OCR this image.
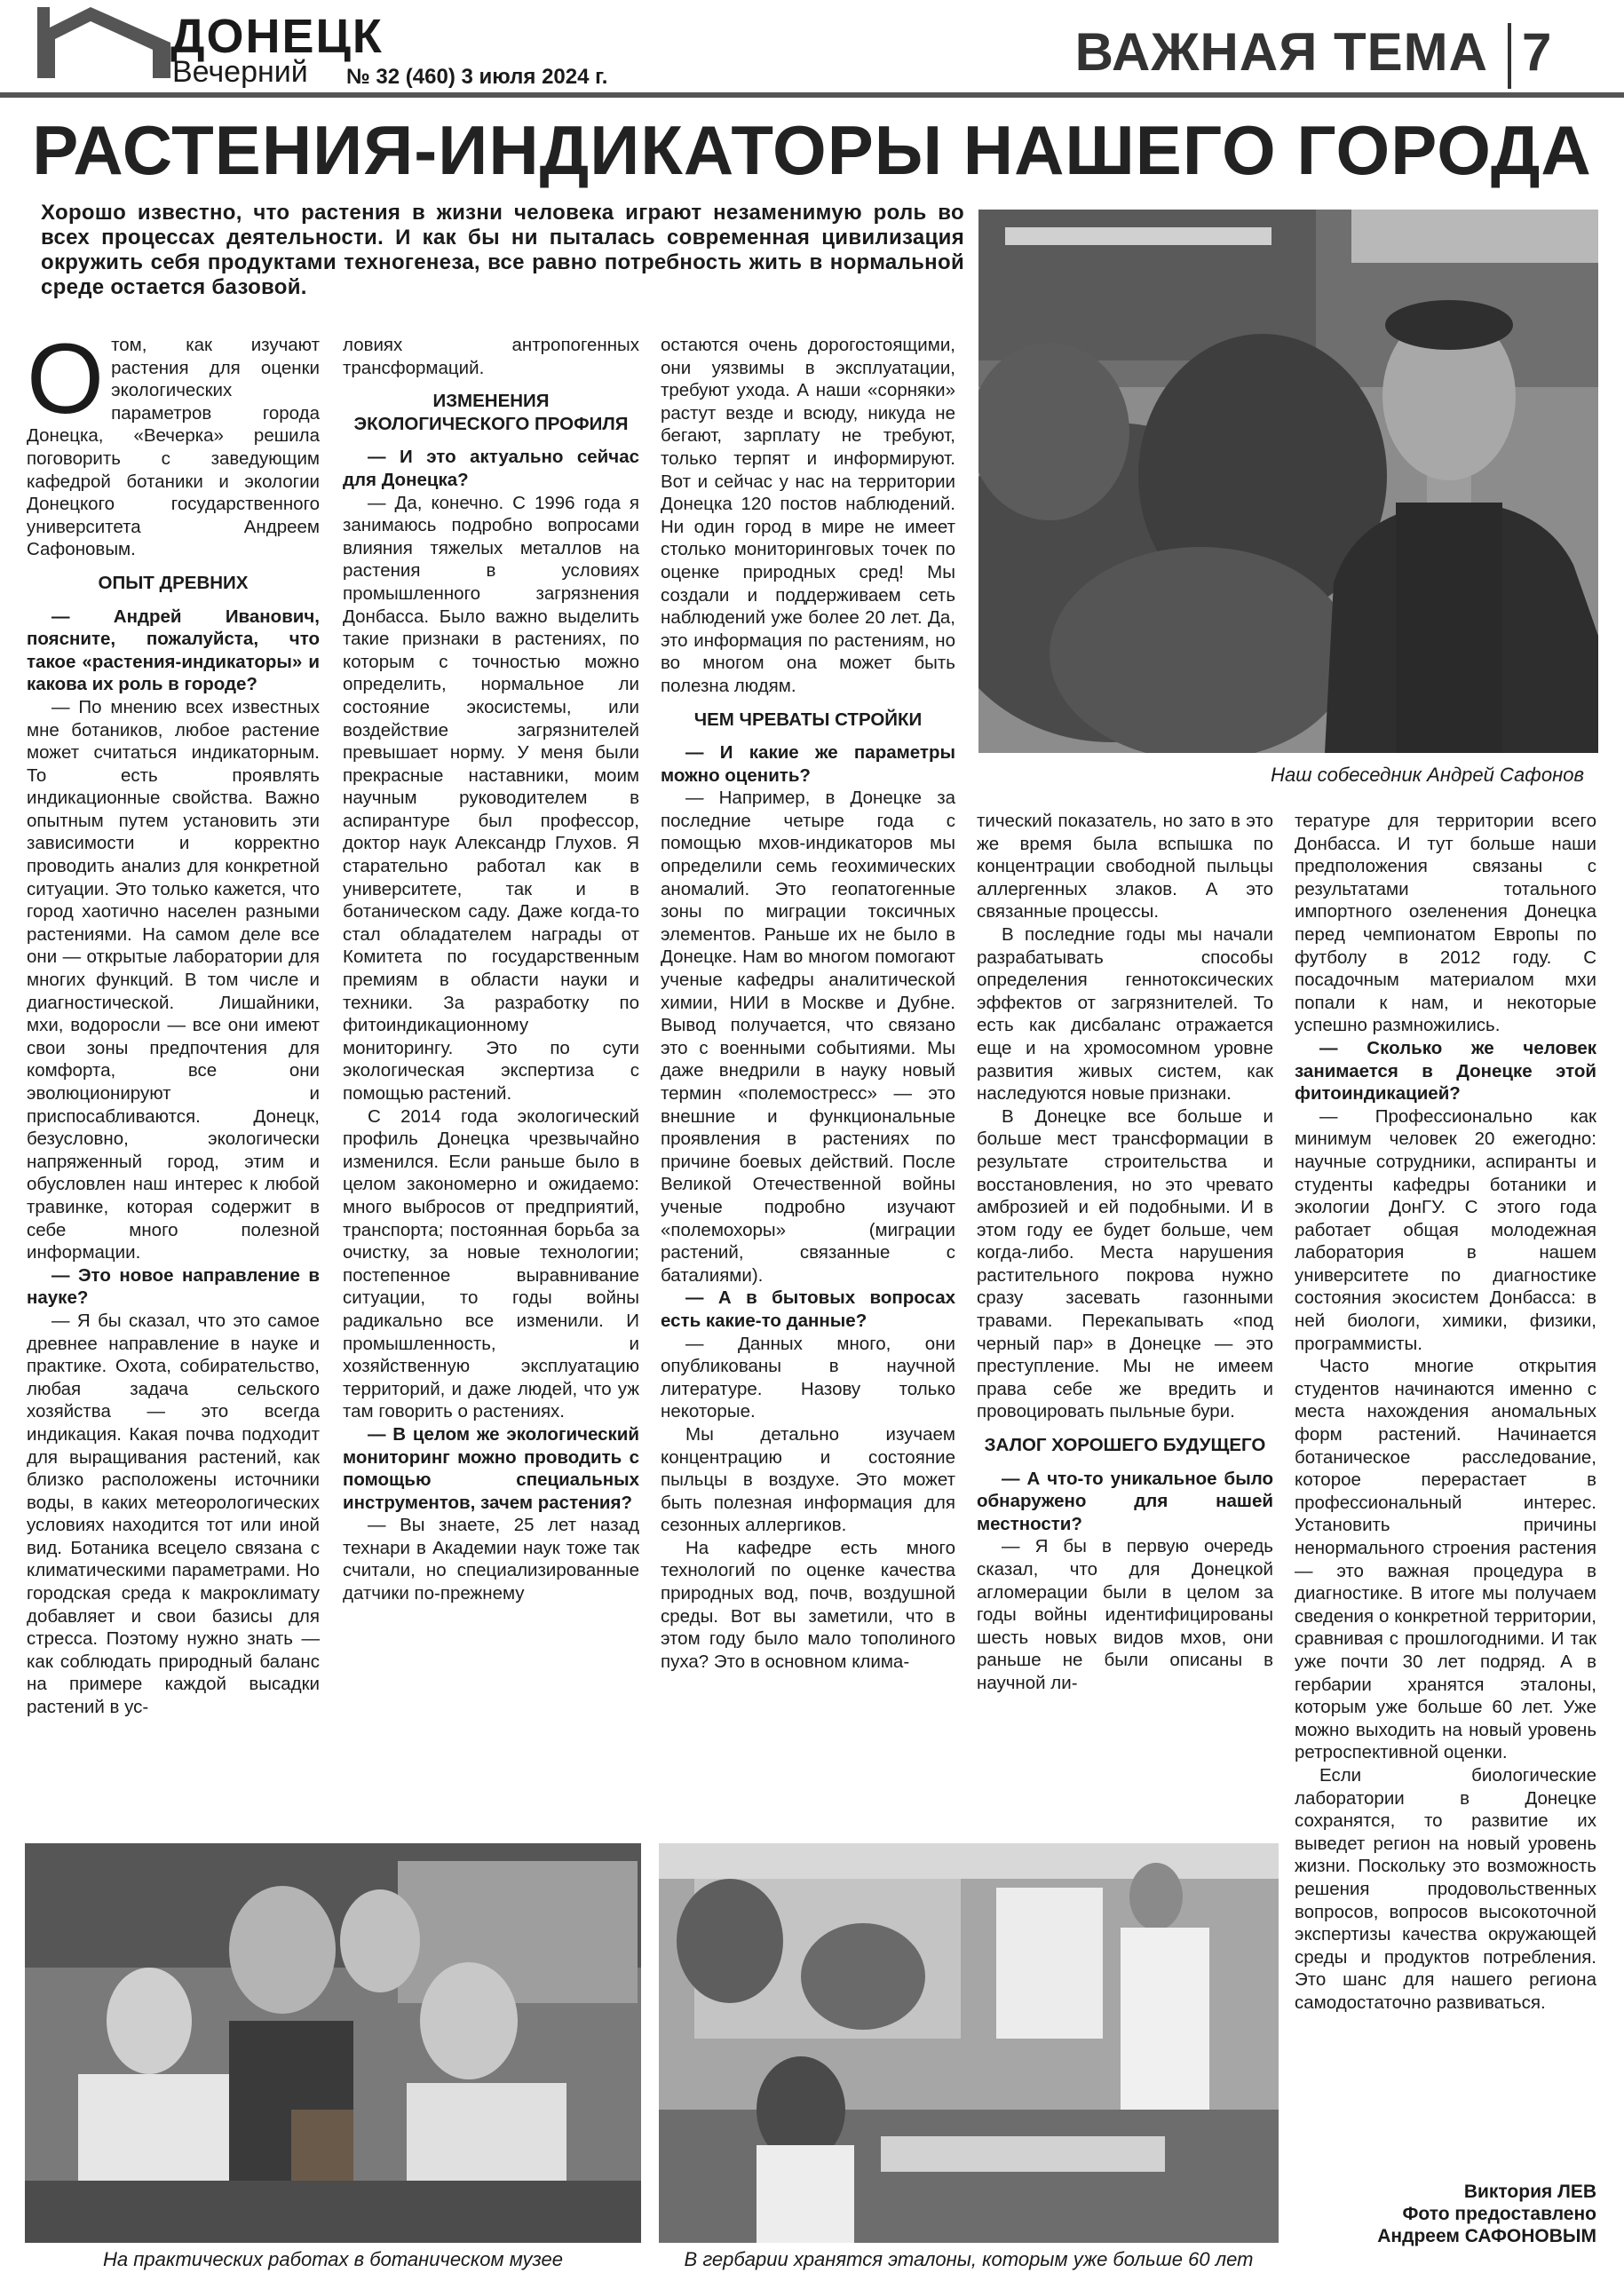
ДОНЕЦК
Вечерний № 32 (460) 3 июля 2024 г.	ВАЖНАЯ ТЕМА 7
РАСТЕНИЯ-ИНДИКАТОРЫ НАШЕГО ГОРОДА
Хорошо известно, что растения в жизни человека играют незаменимую роль во всех процессах деятельности. И как бы ни пыталась современная цивилизация окружить себя продуктами техногенеза, все равно потребность жить в нормальной среде остается базовой.
Наш собеседник Андрей Сафонов

Отом, как изучают растения для оценки экологических параметров города Донецка, «Вечерка» решила поговорить с заведующим кафедрой ботаники и экологии Донецкого государственного университета Андреем Сафоновым.

ОПЫТ ДРЕВНИХ

— Андрей Иванович, поясните, пожалуйста, что такое «растения-индикаторы» и какова их роль в городе?

— По мнению всех известных мне ботаников, любое растение может считаться индикаторным. То есть проявлять индикационные свойства. Важно опытным путем установить эти зависимости и корректно проводить анализ для конкретной ситуации. Это только кажется, что город хаотично населен разными растениями. На самом деле все они — открытые лаборатории для многих функций. В том числе и диагностической. Лишайники, мхи, водоросли — все они имеют свои зоны предпочтения для комфорта, все они эволюционируют и приспосабливаются. Донецк, безусловно, экологически напряженный город, этим и обусловлен наш интерес к любой травинке, которая содержит в себе много полезной информации.

— Это новое направление в науке?

— Я бы сказал, что это самое древнее направление в науке и практике. Охота, собирательство, любая задача сельского хозяйства — это всегда индикация. Какая почва подходит для выращивания растений, как близко расположены источники воды, в каких метеорологических условиях находится тот или иной вид. Ботаника всецело связана с климатическими параметрами. Но городская среда к макроклимату добавляет и свои базисы для стресса. Поэтому нужно знать — как соблюдать природный баланс на примере каждой высадки растений в ус-

ловиях антропогенных трансформаций.

ИЗМЕНЕНИЯ ЭКОЛОГИЧЕСКОГО ПРОФИЛЯ

— И это актуально сейчас для Донецка?

— Да, конечно. С 1996 года я занимаюсь подробно вопросами влияния тяжелых металлов на растения в условиях промышленного загрязнения Донбасса. Было важно выделить такие признаки в растениях, по которым с точностью можно определить, нормальное ли состояние экосистемы, или воздействие загрязнителей превышает норму. У меня были прекрасные наставники, моим научным руководителем в аспирантуре был профессор, доктор наук Александр Глухов. Я старательно работал как в университете, так и в ботаническом саду. Даже когда-то стал обладателем награды от Комитета по государственным премиям в области науки и техники. За разработку по фитоиндикационному мониторингу. Это по сути экологическая экспертиза с помощью растений.

С 2014 года экологический профиль Донецка чрезвычайно изменился. Если раньше было в целом закономерно и ожидаемо: много выбросов от предприятий, транспорта; постоянная борьба за очистку, за новые технологии; постепенное выравнивание ситуации, то годы войны радикально все изменили. И промышленность, и хозяйственную эксплуатацию территорий, и даже людей, что уж там говорить о растениях.

— В целом же экологический мониторинг можно проводить с помощью специальных инструментов, зачем растения?

— Вы знаете, 25 лет назад технари в Академии наук тоже так считали, но специализированные датчики по-прежнему

остаются очень дорогостоящими, они уязвимы в эксплуатации, требуют ухода. А наши «сорняки» растут везде и всюду, никуда не бегают, зарплату не требуют, только терпят и информируют. Вот и сейчас у нас на территории Донецка 120 постов наблюдений. Ни один город в мире не имеет столько мониторинговых точек по оценке природных сред! Мы создали и поддерживаем сеть наблюдений уже более 20 лет. Да, это информация по растениям, но во многом она может быть полезна людям.

ЧЕМ ЧРЕВАТЫ СТРОЙКИ

— И какие же параметры можно оценить?

— Например, в Донецке за последние четыре года с помощью мхов-индикаторов мы определили семь геохимических аномалий. Это геопатогенные зоны по миграции токсичных элементов. Раньше их не было в Донецке. Нам во многом помогают ученые кафедры аналитической химии, НИИ в Москве и Дубне. Вывод получается, что связано это с военными событиями. Мы даже внедрили в науку новый термин «полемостресс» — это внешние и функциональные проявления в растениях по причине боевых действий. После Великой Отечественной войны ученые подробно изучают «полемохоры» (миграции растений, связанные с баталиями).

— А в бытовых вопросах есть какие-то данные?

— Данных много, они опубликованы в научной литературе. Назову только некоторые.

Мы детально изучаем концентрацию и состояние пыльцы в воздухе. Это может быть полезная информация для сезонных аллергиков.

На кафедре есть много технологий по оценке качества природных вод, почв, воздушной среды. Вот вы заметили, что в этом году было мало тополиного пуха? Это в основном клима-

тический показатель, но зато в это же время была вспышка по концентрации свободной пыльцы аллергенных злаков. А это связанные процессы.

В последние годы мы начали разрабатывать способы определения геннотоксических эффектов от загрязнителей. То есть как дисбаланс отражается еще и на хромосомном уровне развития живых систем, как наследуются новые признаки.

В Донецке все больше и больше мест трансформации в результате строительства и восстановления, но это чревато амброзией и ей подобными. И в этом году ее будет больше, чем когда-либо. Места нарушения растительного покрова нужно сразу засевать газонными травами. Перекапывать «под черный пар» в Донецке — это преступление. Мы не имеем права себе же вредить и провоцировать пыльные бури.

ЗАЛОГ ХОРОШЕГО БУДУЩЕГО

— А что-то уникальное было обнаружено для нашей местности?

— Я бы в первую очередь сказал, что для Донецкой агломерации были в целом за годы войны идентифицированы шесть новых видов мхов, они раньше не были описаны в научной ли-

тературе для территории всего Донбасса. И тут больше наши предположения связаны с результатами тотального импортного озеленения Донецка перед чемпионатом Европы по футболу в 2012 году. С посадочным материалом мхи попали к нам, и некоторые успешно размножились.

— Сколько же человек занимается в Донецке этой фитоиндикацией?

— Профессионально как минимум человек 20 ежегодно: научные сотрудники, аспиранты и студенты кафедры ботаники и экологии ДонГУ. С этого года работает общая молодежная лаборатория в нашем университете по диагностике состояния экосистем Донбасса: в ней биологи, химики, физики, программисты.

Часто многие открытия студентов начинаются именно с места нахождения аномальных форм растений. Начинается ботаническое расследование, которое перерастает в профессиональный интерес. Установить причины ненормального строения растения — это важная процедура в диагностике. В итоге мы получаем сведения о конкретной территории, сравнивая с прошлогодними. И так уже почти 30 лет подряд. А в гербарии хранятся эталоны, которым уже больше 60 лет. Уже можно выходить на новый уровень ретроспективной оценки.

Если биологические лаборатории в Донецке сохранятся, то развитие их выведет регион на новый уровень жизни. Поскольку это возможность решения продовольственных вопросов, вопросов высокоточной экспертизы качества окружающей среды и продуктов потребления. Это шанс для нашего региона самодостаточно развиваться.

На практических работах в ботаническом музее	В гербарии хранятся эталоны, которым уже больше 60 лет
Виктория ЛЕВ
Фото предоставлено
Андреем САФОНОВЫМ
